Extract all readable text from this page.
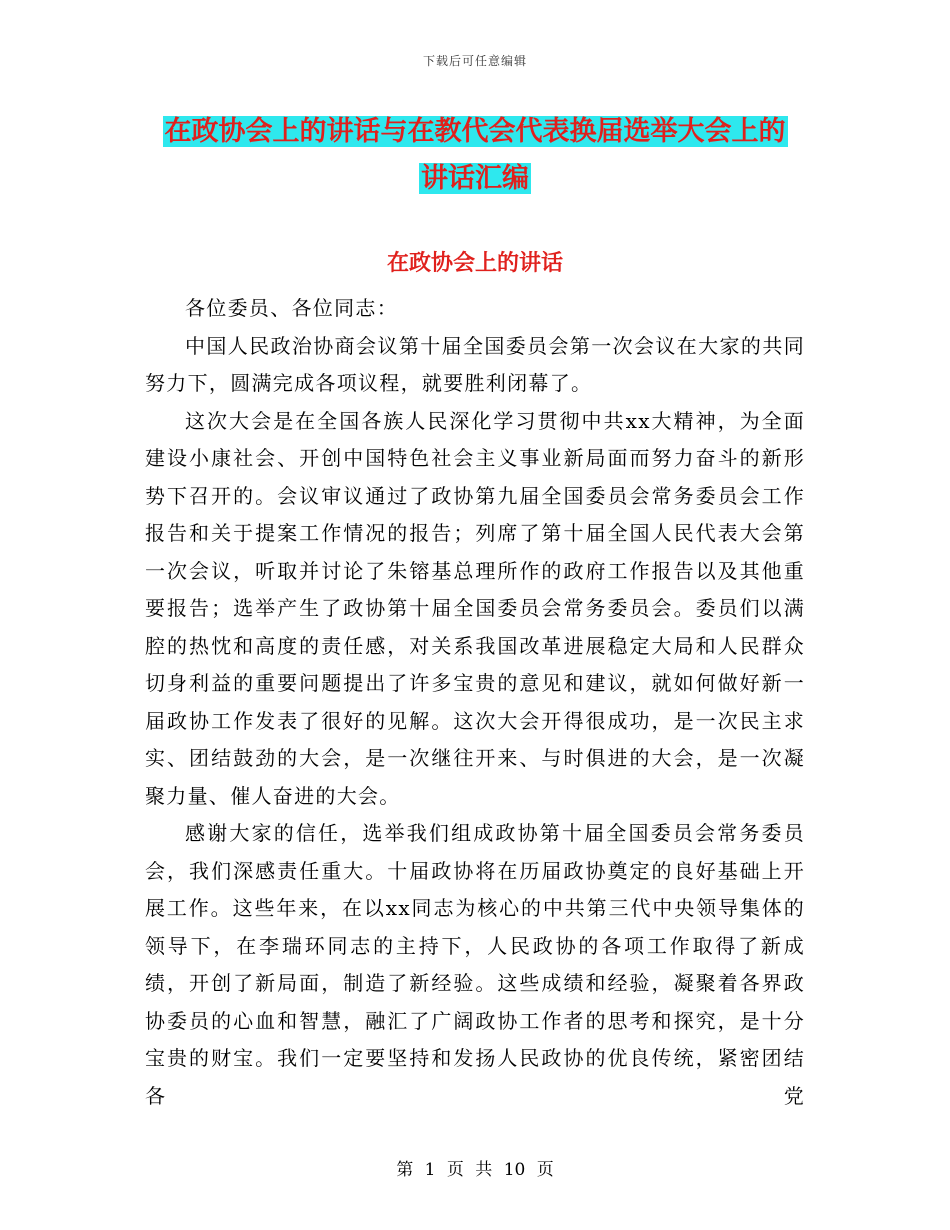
下载后可任意编辑
在政协会上的讲话与在教代会代表换届选举大会上的
讲话汇编
在政协会上的讲话

各位委员、各位同志：

中国人民政治协商会议第十届全国委员会第一次会议在大家的共同努力下，圆满完成各项议程，就要胜利闭幕了。

这次大会是在全国各族人民深化学习贯彻中共xx大精神，为全面建设小康社会、开创中国特色社会主义事业新局面而努力奋斗的新形势下召开的。会议审议通过了政协第九届全国委员会常务委员会工作报告和关于提案工作情况的报告；列席了第十届全国人民代表大会第一次会议，听取并讨论了朱镕基总理所作的政府工作报告以及其他重要报告；选举产生了政协第十届全国委员会常务委员会。委员们以满腔的热忱和高度的责任感，对关系我国改革进展稳定大局和人民群众切身利益的重要问题提出了许多宝贵的意见和建议，就如何做好新一届政协工作发表了很好的见解。这次大会开得很成功，是一次民主求实、团结鼓劲的大会，是一次继往开来、与时俱进的大会，是一次凝聚力量、催人奋进的大会。

感谢大家的信任，选举我们组成政协第十届全国委员会常务委员会，我们深感责任重大。十届政协将在历届政协奠定的良好基础上开展工作。这些年来，在以xx同志为核心的中共第三代中央领导集体的领导下，在李瑞环同志的主持下，人民政协的各项工作取得了新成绩，开创了新局面，制造了新经验。这些成绩和经验，凝聚着各界政协委员的心血和智慧，融汇了广阔政协工作者的思考和探究，是十分宝贵的财宝。我们一定要坚持和发扬人民政协的优良传统，紧密团结各党

第 1 页 共 10 页
